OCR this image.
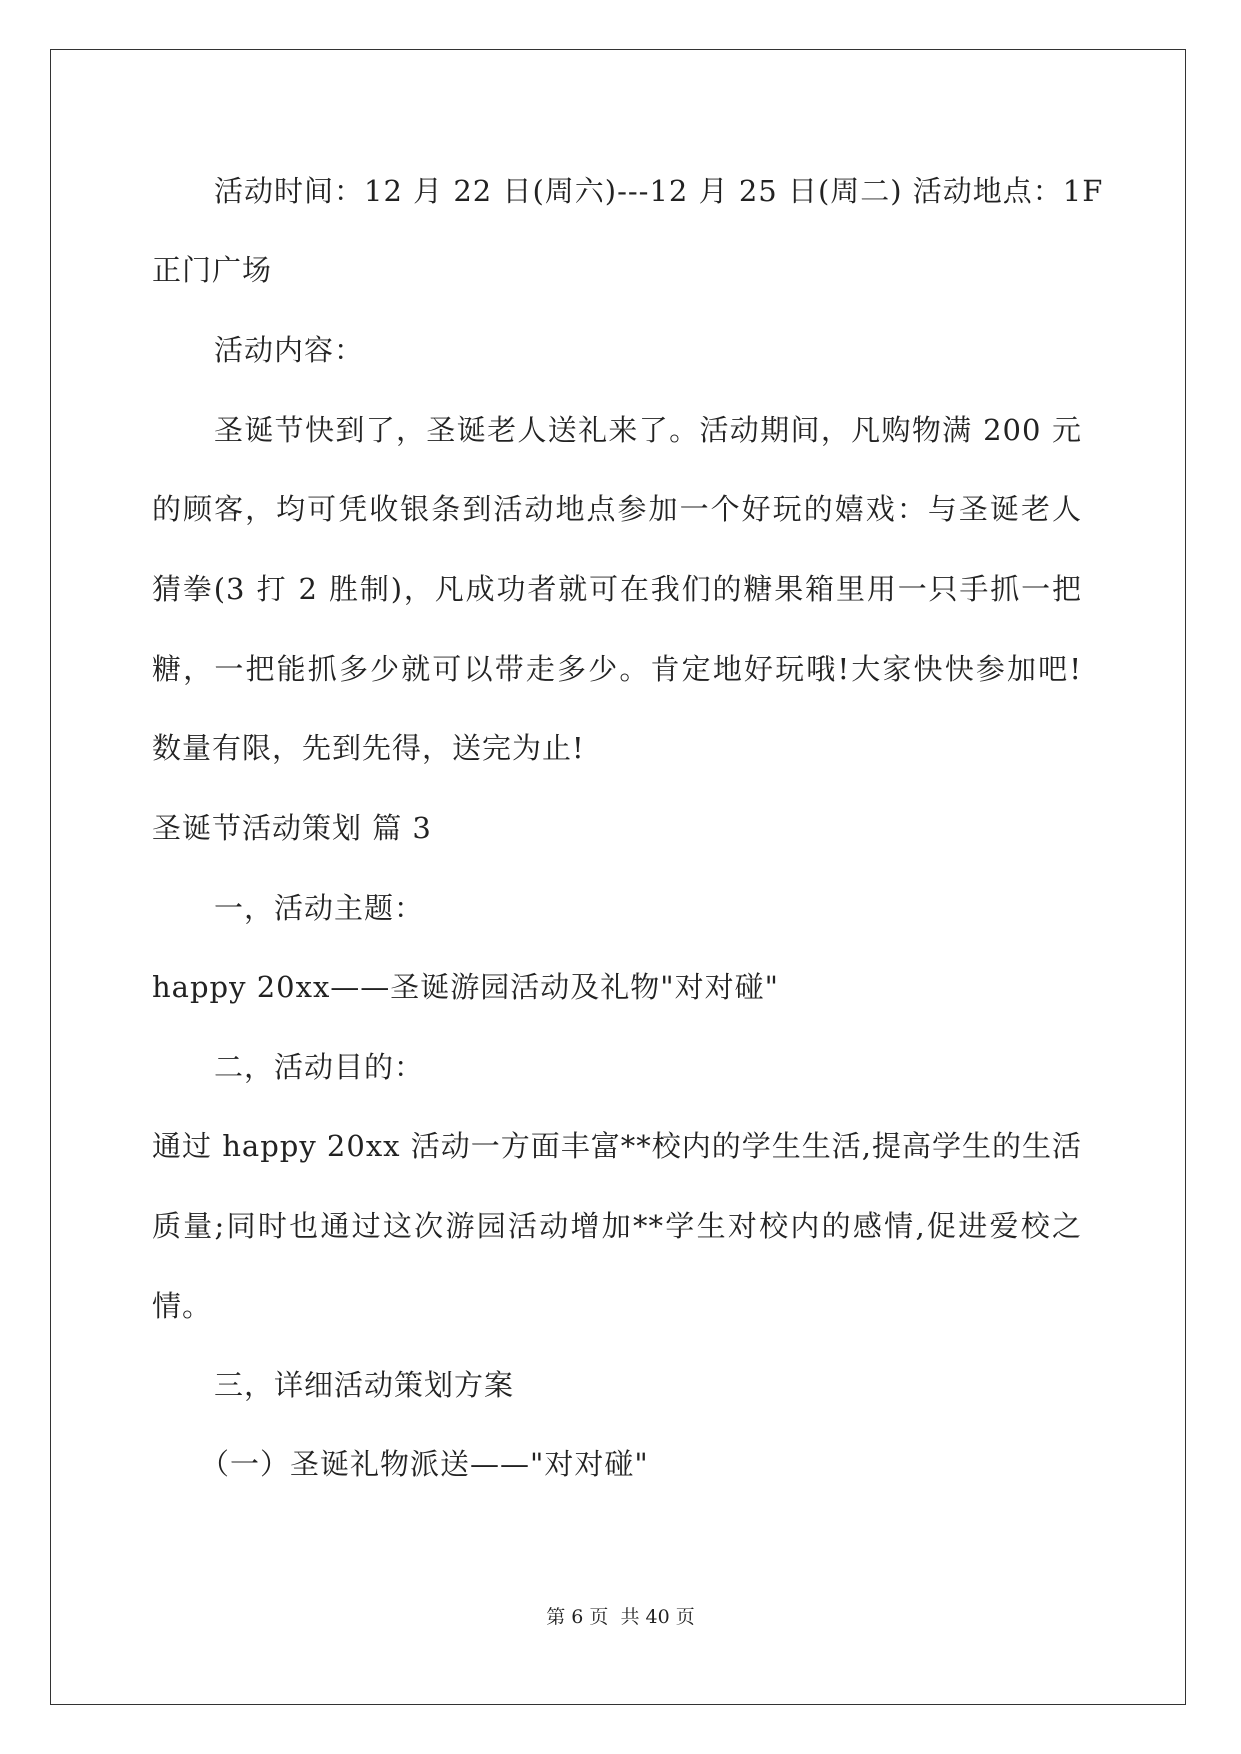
活动时间：12 月 22 日(周六)---12 月 25 日(周二) 活动地点：1F
正门广场
活动内容：
圣诞节快到了，圣诞老人送礼来了。活动期间，凡购物满 200 元
的顾客，均可凭收银条到活动地点参加一个好玩的嬉戏：与圣诞老人
猜拳(3 打 2 胜制)，凡成功者就可在我们的糖果箱里用一只手抓一把
糖，一把能抓多少就可以带走多少。肯定地好玩哦!大家快快参加吧!
数量有限，先到先得，送完为止!
圣诞节活动策划 篇 3
一，活动主题：
happy 20xx——圣诞游园活动及礼物"对对碰"
二，活动目的：
通过 happy 20xx 活动一方面丰富**校内的学生生活,提高学生的生活
质量;同时也通过这次游园活动增加**学生对校内的感情,促进爱校之
情。
三，详细活动策划方案
（一）圣诞礼物派送——"对对碰"
第 6 页 共 40 页
